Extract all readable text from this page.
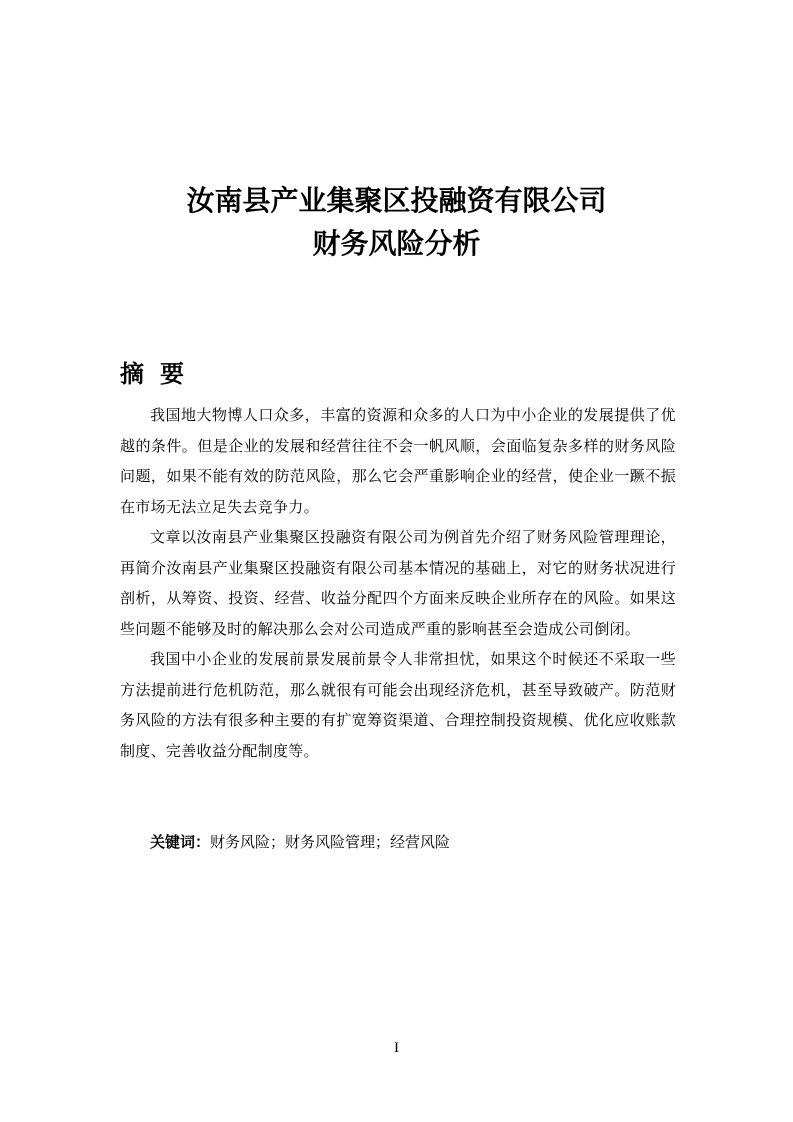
汝南县产业集聚区投融资有限公司
财务风险分析
摘要

我国地大物博人口众多，丰富的资源和众多的人口为中小企业的发展提供了优越的条件。但是企业的发展和经营往往不会一帆风顺，会面临复杂多样的财务风险问题，如果不能有效的防范风险，那么它会严重影响企业的经营，使企业一蹶不振在市场无法立足失去竞争力。

文章以汝南县产业集聚区投融资有限公司为例首先介绍了财务风险管理理论，再简介汝南县产业集聚区投融资有限公司基本情况的基础上，对它的财务状况进行剖析，从筹资、投资、经营、收益分配四个方面来反映企业所存在的风险。如果这些问题不能够及时的解决那么会对公司造成严重的影响甚至会造成公司倒闭。

我国中小企业的发展前景发展前景令人非常担忧，如果这个时候还不采取一些方法提前进行危机防范，那么就很有可能会出现经济危机，甚至导致破产。防范财务风险的方法有很多种主要的有扩宽筹资渠道、合理控制投资规模、优化应收账款制度、完善收益分配制度等。

关键词：财务风险；财务风险管理；经营风险

I
